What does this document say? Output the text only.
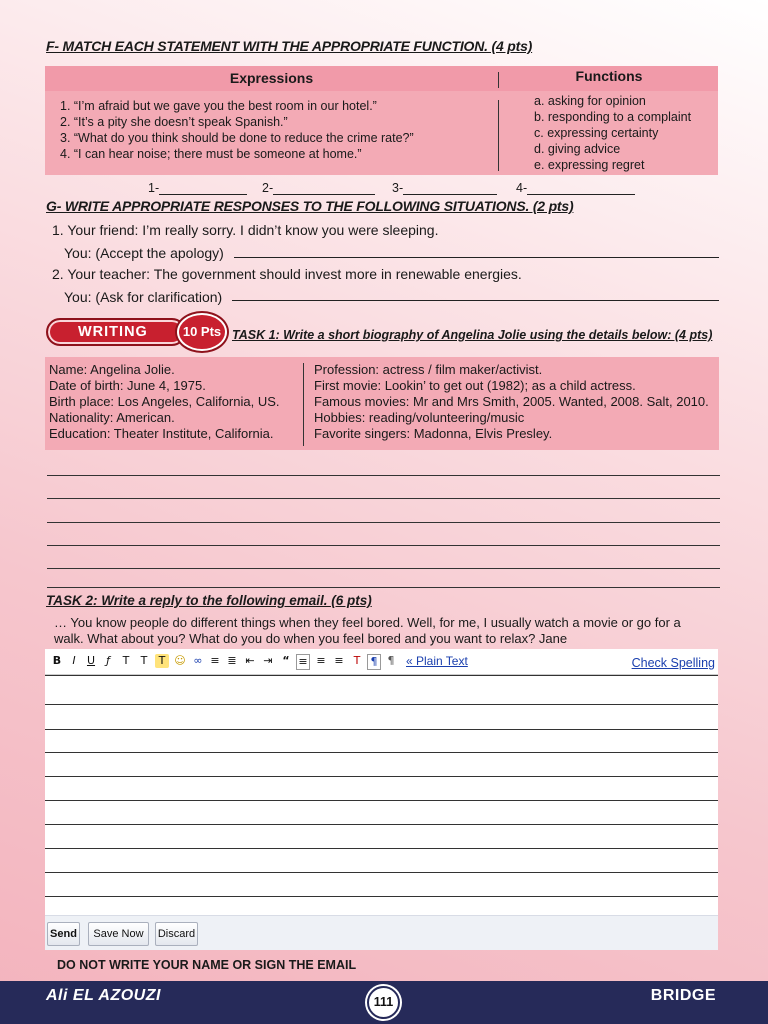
F- MATCH EACH STATEMENT WITH THE APPROPRIATE FUNCTION. (4 pts)
Expressions	Functions
1. “I’m afraid but we gave you the best room in our hotel.”
2. “It’s a pity she doesn’t speak Spanish.”
3. “What do you think should be done to reduce the crime rate?”
4. “I can hear noise; there must be someone at home.”
a. asking for opinion
b. responding to a complaint
c. expressing certainty
d. giving advice
e. expressing regret
1-	2-	3-	4-
G- WRITE APPROPRIATE RESPONSES TO THE FOLLOWING SITUATIONS. (2 pts)
1. Your friend: I’m really sorry. I didn’t know you were sleeping.
You: (Accept the apology)
2. Your teacher: The government should invest more in renewable energies.
You: (Ask for clarification)
WRITING	10 Pts TASK 1: Write a short biography of Angelina Jolie using the details below: (4 pts)
Name: Angelina Jolie.
Date of birth: June 4, 1975.
Birth place: Los Angeles, California, US.
Nationality: American.
Education: Theater Institute, California.
Profession: actress / film maker/activist.
First movie: Lookin’ to get out (1982); as a child actress.
Famous movies: Mr and Mrs Smith, 2005. Wanted, 2008. Salt, 2010.
Hobbies: reading/volunteering/music
Favorite singers: Madonna, Elvis Presley.
TASK 2: Write a reply to the following email. (6 pts)
… You know people do different things when they feel bored. Well, for me, I usually watch a movie or go for a
walk. What about you? What do you do when you feel bored and you want to relax? Jane
B	I	U	ƒ	T	T	T ☺ ∞ ≡ ≣ ⇤ ⇥ “ ≡ ≡ ≡ T ¶ ¶ « Plain Text	Check Spelling
Send	Save Now	Discard
DO NOT WRITE YOUR NAME OR SIGN THE EMAIL
Ali EL AZOUZI	111	BRIDGE
